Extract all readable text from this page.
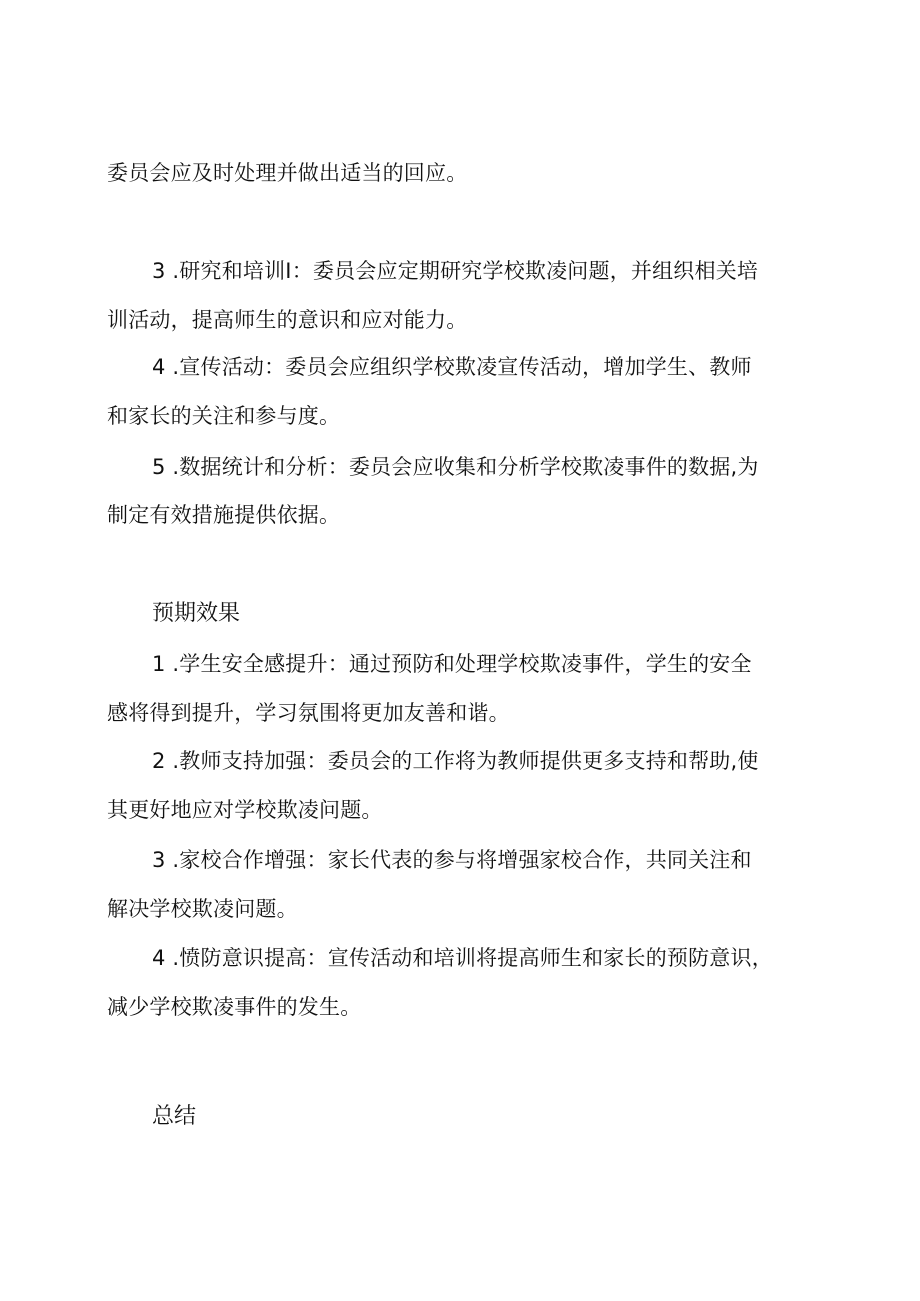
委员会应及时处理并做出适当的回应。
3 .研究和培训I：委员会应定期研究学校欺凌问题，并组织相关培
训活动，提高师生的意识和应对能力。
4 .宣传活动：委员会应组织学校欺凌宣传活动，增加学生、教师
和家长的关注和参与度。
5 .数据统计和分析：委员会应收集和分析学校欺凌事件的数据,为
制定有效措施提供依据。
预期效果
1 .学生安全感提升：通过预防和处理学校欺凌事件，学生的安全
感将得到提升，学习氛围将更加友善和谐。
2 .教师支持加强：委员会的工作将为教师提供更多支持和帮助,使
其更好地应对学校欺凌问题。
3 .家校合作增强：家长代表的参与将增强家校合作，共同关注和
解决学校欺凌问题。
4 .愤防意识提高：宣传活动和培训将提高师生和家长的预防意识，
减少学校欺凌事件的发生。
总结
